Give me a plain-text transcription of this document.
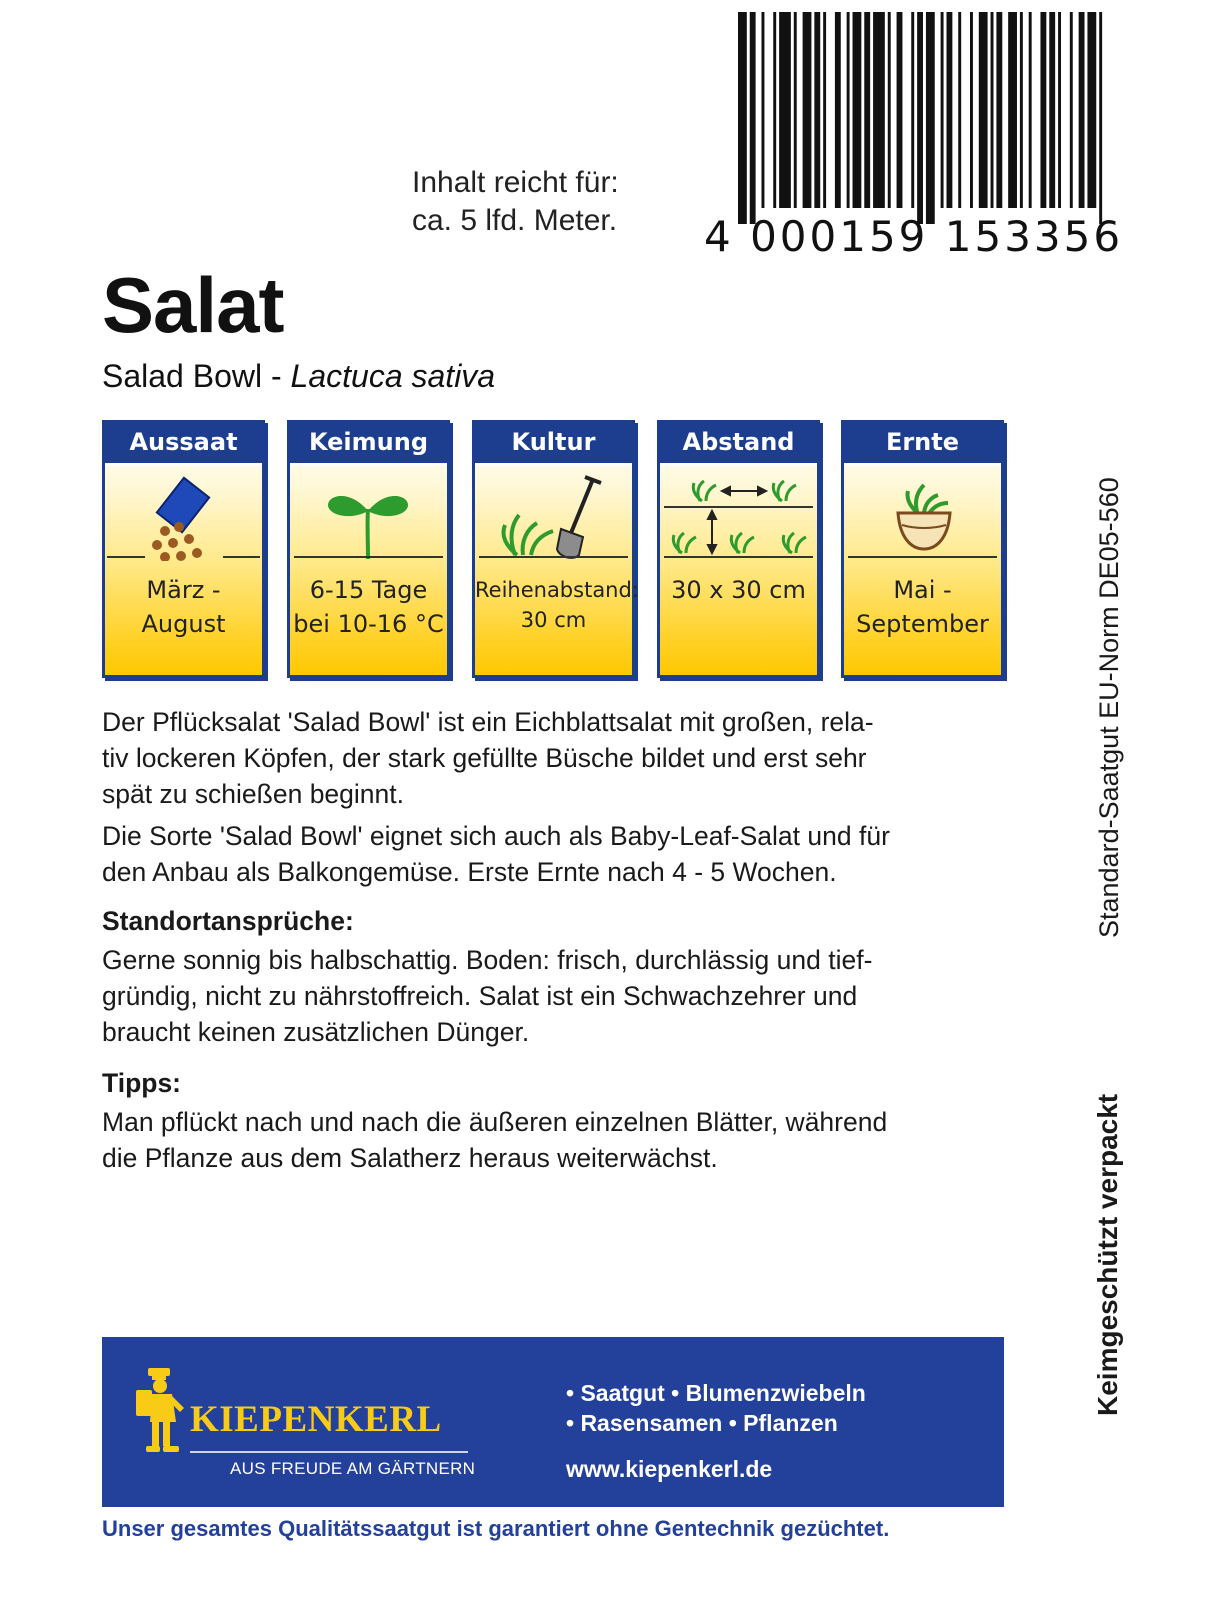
4 000159 153356
Inhalt reicht für:
ca. 5 lfd. Meter.
Salat
Salad Bowl - Lactuca sativa
Aussaat
März -
August
Keimung
6-15 Tage
bei 10-16 °C
Kultur
Reihenabstand:
30 cm
Abstand
30 x 30 cm
Ernte
Mai -
September
Der Pflücksalat 'Salad Bowl' ist ein Eichblattsalat mit großen, rela-
tiv lockeren Köpfen, der stark gefüllte Büsche bildet und erst sehr
spät zu schießen beginnt.
Die Sorte 'Salad Bowl' eignet sich auch als Baby-Leaf-Salat und für
den Anbau als Balkongemüse. Erste Ernte nach 4 - 5 Wochen.
Standortansprüche:
Gerne sonnig bis halbschattig. Boden: frisch, durchlässig und tief-
gründig, nicht zu nährstoffreich. Salat ist ein Schwachzehrer und
braucht keinen zusätzlichen Dünger.
Tipps:
Man pflückt nach und nach die äußeren einzelnen Blätter, während
die Pflanze aus dem Salatherz heraus weiterwächst.
Standard-Saatgut EU-Norm DE05-560
Keimgeschützt verpackt
KIEPENKERL
AUS FREUDE AM GÄRTNERN
• Saatgut • Blumenzwiebeln
• Rasensamen • Pflanzen
www.kiepenkerl.de
Unser gesamtes Qualitätssaatgut ist garantiert ohne Gentechnik gezüchtet.
